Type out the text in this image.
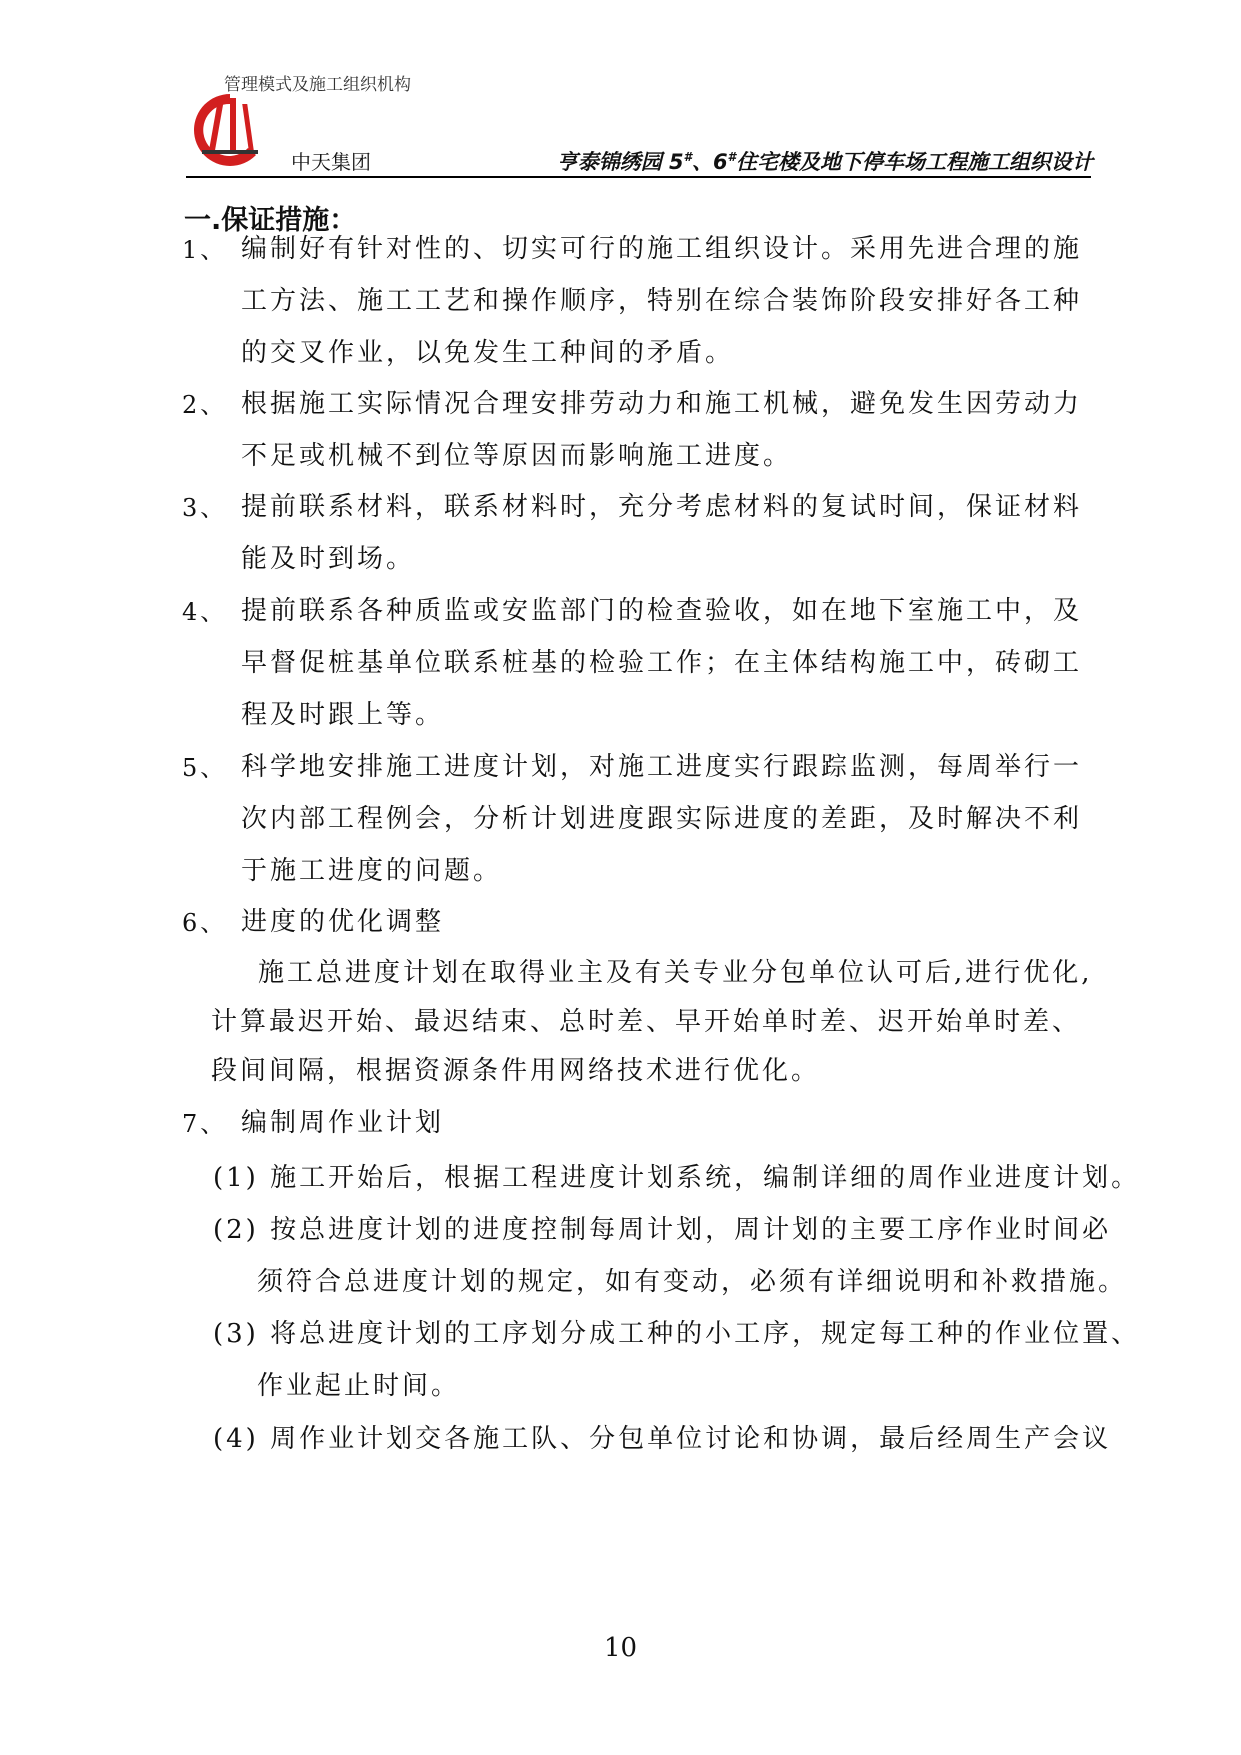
管理模式及施工组织机构
中天集团	亨泰锦绣园 5#、6#住宅楼及地下停车场工程施工组织设计
一.保证措施：
1、 编制好有针对性的、切实可行的施工组织设计。采用先进合理的施
工方法、施工工艺和操作顺序，特别在综合装饰阶段安排好各工种
的交叉作业，以免发生工种间的矛盾。
2、 根据施工实际情况合理安排劳动力和施工机械，避免发生因劳动力
不足或机械不到位等原因而影响施工进度。
3、 提前联系材料，联系材料时，充分考虑材料的复试时间，保证材料
能及时到场。
4、 提前联系各种质监或安监部门的检查验收，如在地下室施工中，及
早督促桩基单位联系桩基的检验工作；在主体结构施工中，砖砌工
程及时跟上等。
5、 科学地安排施工进度计划，对施工进度实行跟踪监测，每周举行一
次内部工程例会，分析计划进度跟实际进度的差距，及时解决不利
于施工进度的问题。
6、 进度的优化调整
施工总进度计划在取得业主及有关专业分包单位认可后,进行优化,
计算最迟开始、最迟结束、总时差、早开始单时差、迟开始单时差、
段间间隔，根据资源条件用网络技术进行优化。
7、 编制周作业计划
(1) 施工开始后，根据工程进度计划系统，编制详细的周作业进度计划。
(2) 按总进度计划的进度控制每周计划，周计划的主要工序作业时间必
须符合总进度计划的规定，如有变动，必须有详细说明和补救措施。
(3) 将总进度计划的工序划分成工种的小工序，规定每工种的作业位置、
作业起止时间。
(4) 周作业计划交各施工队、分包单位讨论和协调，最后经周生产会议
10
